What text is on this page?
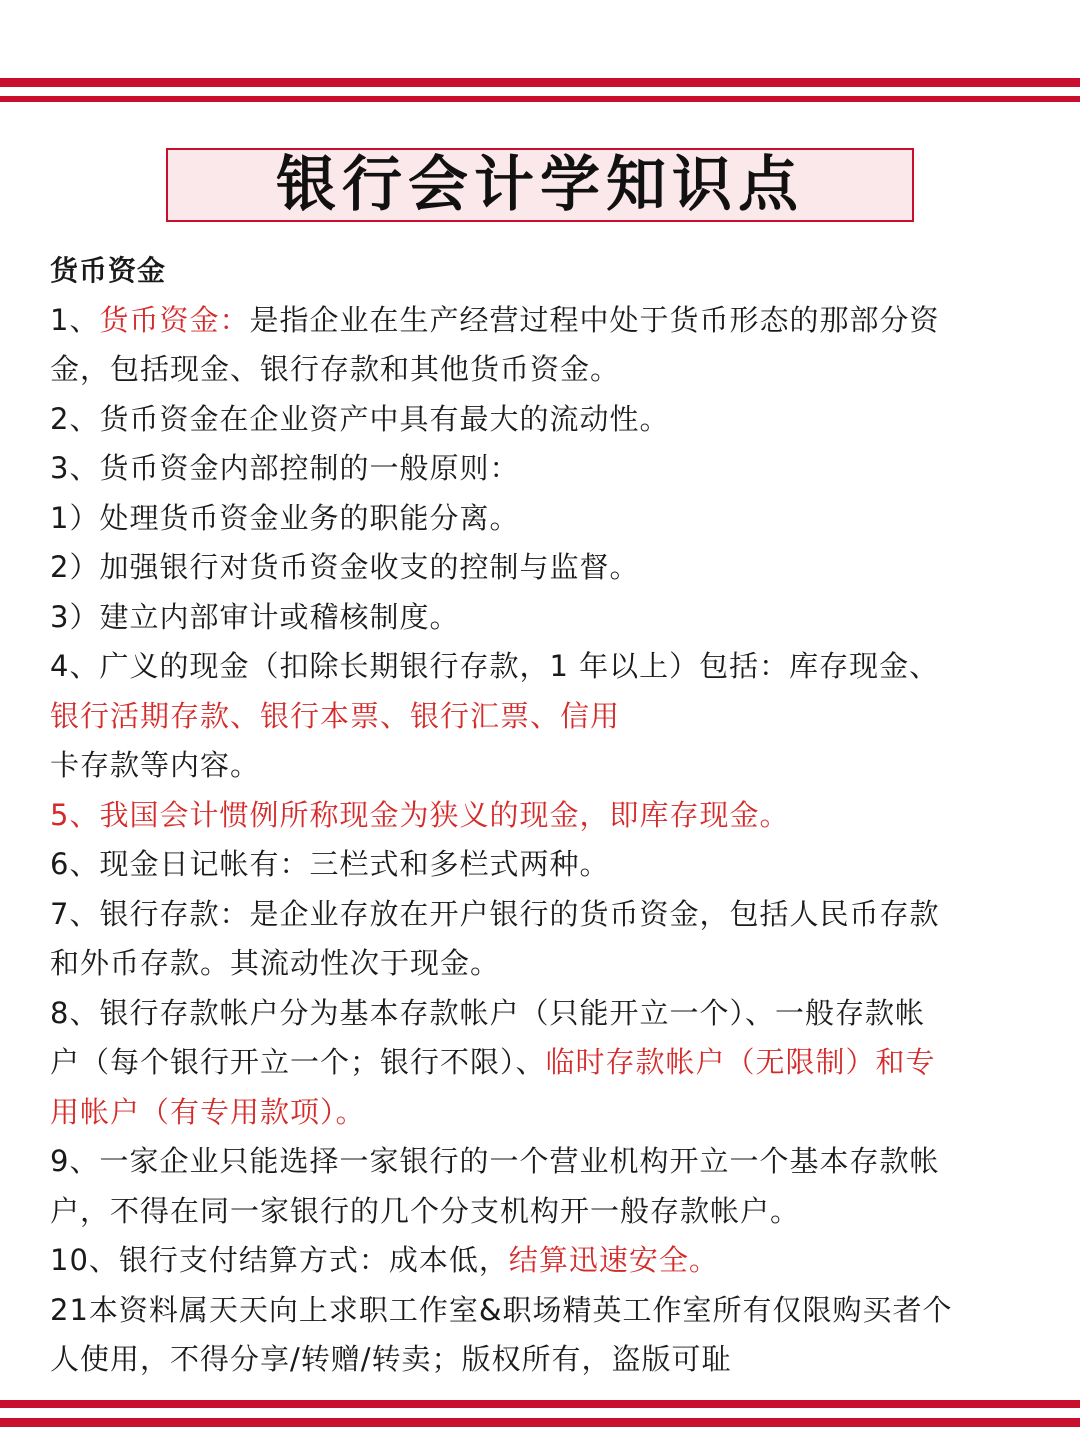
银行会计学知识点
货币资金
1、货币资金：是指企业在生产经营过程中处于货币形态的那部分资
金，包括现金、银行存款和其他货币资金。
2、货币资金在企业资产中具有最大的流动性。
3、货币资金内部控制的一般原则：
1）处理货币资金业务的职能分离。
2）加强银行对货币资金收支的控制与监督。
3）建立内部审计或稽核制度。
4、广义的现金（扣除长期银行存款，1 年以上）包括：库存现金、
银行活期存款、银行本票、银行汇票、信用
卡存款等内容。
5、我国会计惯例所称现金为狭义的现金，即库存现金。
6、现金日记帐有：三栏式和多栏式两种。
7、银行存款：是企业存放在开户银行的货币资金，包括人民币存款
和外币存款。其流动性次于现金。
8、银行存款帐户分为基本存款帐户（只能开立一个）、一般存款帐
户（每个银行开立一个；银行不限）、临时存款帐户（无限制）和专
用帐户（有专用款项）。
9、一家企业只能选择一家银行的一个营业机构开立一个基本存款帐
户，不得在同一家银行的几个分支机构开一般存款帐户。
10、银行支付结算方式：成本低，结算迅速安全。
21本资料属天天向上求职工作室&职场精英工作室所有仅限购买者个
人使用，不得分享/转赠/转卖；版权所有，盗版可耻
